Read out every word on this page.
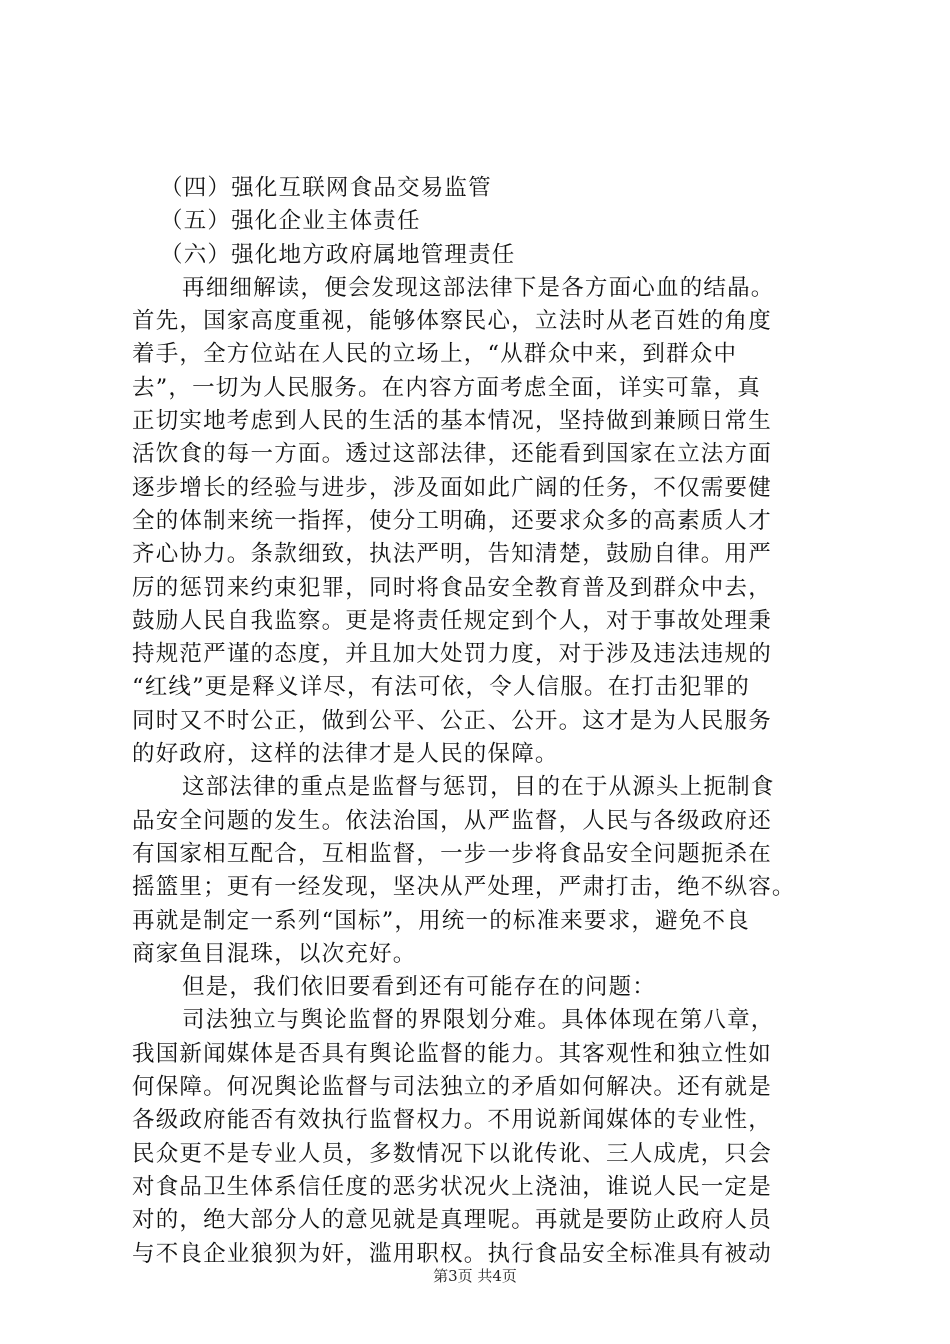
（四）强化互联网食品交易监管
（五）强化企业主体责任
（六）强化地方政府属地管理责任
再细细解读，便会发现这部法律下是各方面心血的结晶。
首先，国家高度重视，能够体察民心，立法时从老百姓的角度
着手，全方位站在人民的立场上，“从群众中来，到群众中
去”，一切为人民服务。在内容方面考虑全面，详实可靠，真
正切实地考虑到人民的生活的基本情况，坚持做到兼顾日常生
活饮食的每一方面。透过这部法律，还能看到国家在立法方面
逐步增长的经验与进步，涉及面如此广阔的任务，不仅需要健
全的体制来统一指挥，使分工明确，还要求众多的高素质人才
齐心协力。条款细致，执法严明，告知清楚，鼓励自律。用严
厉的惩罚来约束犯罪，同时将食品安全教育普及到群众中去，
鼓励人民自我监察。更是将责任规定到个人，对于事故处理秉
持规范严谨的态度，并且加大处罚力度，对于涉及违法违规的
“红线”更是释义详尽，有法可依，令人信服。在打击犯罪的
同时又不时公正，做到公平、公正、公开。这才是为人民服务
的好政府，这样的法律才是人民的保障。
这部法律的重点是监督与惩罚，目的在于从源头上扼制食
品安全问题的发生。依法治国，从严监督，人民与各级政府还
有国家相互配合，互相监督，一步一步将食品安全问题扼杀在
摇篮里；更有一经发现，坚决从严处理，严肃打击，绝不纵容。
再就是制定一系列“国标”，用统一的标准来要求，避免不良
商家鱼目混珠，以次充好。
但是，我们依旧要看到还有可能存在的问题：
司法独立与舆论监督的界限划分难。具体体现在第八章，
我国新闻媒体是否具有舆论监督的能力。其客观性和独立性如
何保障。何况舆论监督与司法独立的矛盾如何解决。还有就是
各级政府能否有效执行监督权力。不用说新闻媒体的专业性，
民众更不是专业人员，多数情况下以讹传讹、三人成虎，只会
对食品卫生体系信任度的恶劣状况火上浇油，谁说人民一定是
对的，绝大部分人的意见就是真理呢。再就是要防止政府人员
与不良企业狼狈为奸，滥用职权。执行食品安全标准具有被动
第3页 共4页
